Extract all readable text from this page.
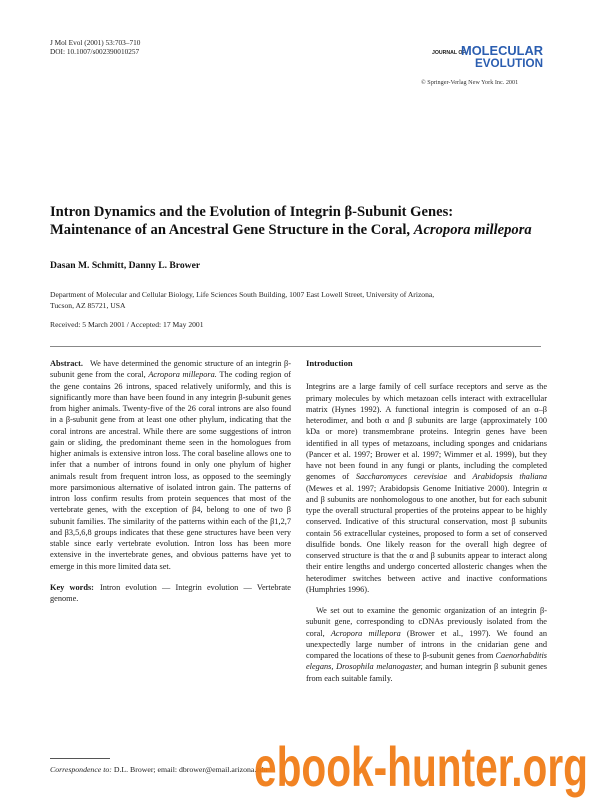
J Mol Evol (2001) 53:703–710
DOI: 10.1007/s002390010257	JOURNAL OF
MOLECULAR
EVOLUTION
© Springer-Verlag New York Inc. 2001
Intron Dynamics and the Evolution of Integrin β-Subunit Genes:
Maintenance of an Ancestral Gene Structure in the Coral, Acropora millepora
Dasan M. Schmitt, Danny L. Brower
Department of Molecular and Cellular Biology, Life Sciences South Building, 1007 East Lowell Street, University of Arizona,
Tucson, AZ 85721, USA
Received: 5 March 2001 / Accepted: 17 May 2001

Abstract. We have determined the genomic structure of an integrin β-subunit gene from the coral, Acropora millepora. The coding region of the gene contains 26 introns, spaced relatively uniformly, and this is significantly more than have been found in any integrin β-subunit genes from higher animals. Twenty-five of the 26 coral introns are also found in a β-subunit gene from at least one other phylum, indicating that the coral introns are ancestral. While there are some suggestions of intron gain or sliding, the predominant theme seen in the homologues from higher animals is extensive intron loss. The coral baseline allows one to infer that a number of introns found in only one phylum of higher animals result from frequent intron loss, as opposed to the seemingly more parsimonious alternative of isolated intron gain. The patterns of intron loss confirm results from protein sequences that most of the vertebrate genes, with the exception of β4, belong to one of two β subunit families. The similarity of the patterns within each of the β1,2,7 and β3,5,6,8 groups indicates that these gene structures have been very stable since early vertebrate evolution. Intron loss has been more extensive in the invertebrate genes, and obvious patterns have yet to emerge in this more limited data set.

Key words: Intron evolution — Integrin evolution — Vertebrate genome.

Correspondence to: D.L. Brower; email: dbrower@email.arizona.edu
Introduction

Integrins are a large family of cell surface receptors and serve as the primary molecules by which metazoan cells interact with extracellular matrix (Hynes 1992). A functional integrin is composed of an α–β heterodimer, and both α and β subunits are large (approximately 100 kDa or more) transmembrane proteins. Integrin genes have been identified in all types of metazoans, including sponges and cnidarians (Pancer et al. 1997; Brower et al. 1997; Wimmer et al. 1999), but they have not been found in any fungi or plants, including the completed genomes of Saccharomyces cerevisiae and Arabidopsis thaliana (Mewes et al. 1997; Arabidopsis Genome Initiative 2000). Integrin α and β subunits are nonhomologous to one another, but for each subunit type the overall structural properties of the proteins appear to be highly conserved. Indicative of this structural conservation, most β subunits contain 56 extracellular cysteines, proposed to form a set of conserved disulfide bonds. One likely reason for the overall high degree of conserved structure is that the α and β subunits appear to interact along their entire lengths and undergo concerted allosteric changes when the heterodimer switches between active and inactive conformations (Humphries 1996).

We set out to examine the genomic organization of an integrin β-subunit gene, corresponding to cDNAs previously isolated from the coral, Acropora millepora (Brower et al., 1997). We found an unexpectedly large number of introns in the cnidarian gene and compared the locations of these to β-subunit genes from Caenorhabditis elegans, Drosophila melanogaster, and human integrin β subunit genes from each suitable family.

ebook-hunter.org
